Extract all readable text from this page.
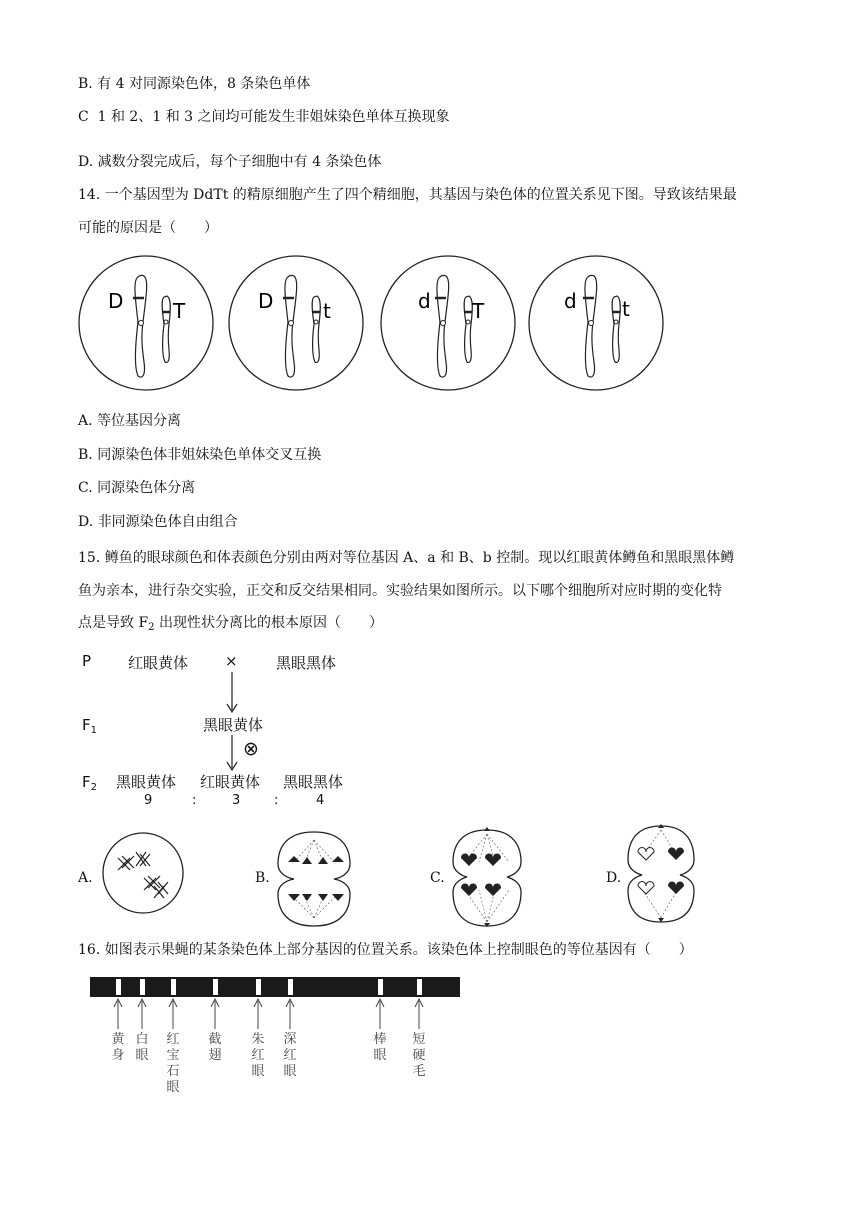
B. 有 4 对同源染色体，8 条染色单体
C 1 和 2、1 和 3 之间均可能发生非姐妹染色单体互换现象
D. 减数分裂完成后，每个子细胞中有 4 条染色体
14. 一个基因型为 DdTt 的精原细胞产生了四个精细胞，其基因与染色体的位置关系见下图。导致该结果最
可能的原因是（　　）
D T	D t	d T	d t
A. 等位基因分离
B. 同源染色体非姐妹染色单体交叉互换
C. 同源染色体分离
D. 非同源染色体自由组合
15. 鳟鱼的眼球颜色和体表颜色分别由两对等位基因 A、a 和 B、b 控制。现以红眼黄体鳟鱼和黑眼黑体鳟
鱼为亲本，进行杂交实验，正交和反交结果相同。实验结果如图所示。以下哪个细胞所对应时期的变化特
点是导致 $F_2$ 出现性状分离比的根本原因（　　）
P 红眼黄体 ×	黑眼黑体
$F_1$	黑眼黄体
⊗
$F_2$ 黑眼黄体 红眼黄体 黑眼黑体
9	:	3	:	4
A.	B.	C.	D.
16. 如图表示果蝇的某条染色体上部分基因的位置关系。该染色体上控制眼色的等位基因有（　　）
黄身
白眼
红宝石眼
截翅
朱红眼
深红眼
棒眼
短硬毛
